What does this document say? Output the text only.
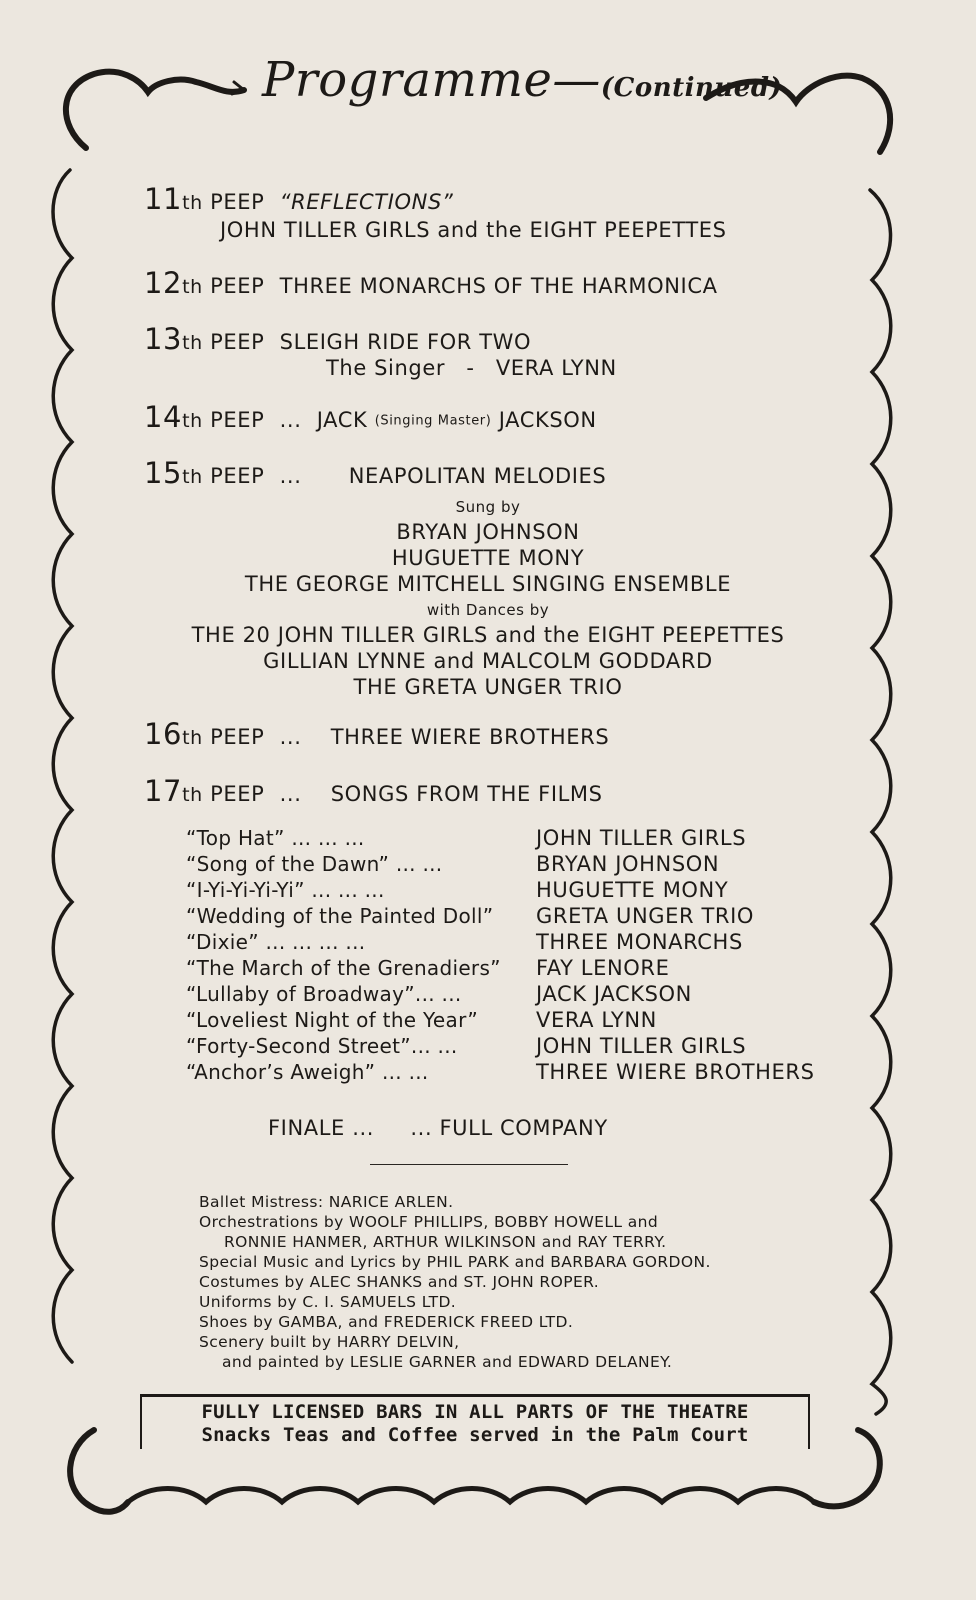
Programme—(Continued)
11th PEEP “REFLECTIONS”
JOHN TILLER GIRLS and the EIGHT PEEPETTES
12th PEEP THREE MONARCHS OF THE HARMONICA
13th PEEP SLEIGH RIDE FOR TWO
The Singer - VERA LYNN
14th PEEP ... JACK (Singing Master) JACKSON
15th PEEP ... NEAPOLITAN MELODIES
Sung by
BRYAN JOHNSON
HUGUETTE MONY
THE GEORGE MITCHELL SINGING ENSEMBLE
with Dances by
THE 20 JOHN TILLER GIRLS and the EIGHT PEEPETTES
GILLIAN LYNNE and MALCOLM GODDARD
THE GRETA UNGER TRIO
16th PEEP ... THREE WIERE BROTHERS
17th PEEP ... SONGS FROM THE FILMS
“Top Hat” ... ... ...	JOHN TILLER GIRLS
“Song of the Dawn” ... ...	BRYAN JOHNSON
“I-Yi-Yi-Yi-Yi” ... ... ...	HUGUETTE MONY
“Wedding of the Painted Doll” GRETA UNGER TRIO
“Dixie” ... ... ... ...	THREE MONARCHS
“The March of the Grenadiers” FAY LENORE
“Lullaby of Broadway”... ...	JACK JACKSON
“Loveliest Night of the Year”	VERA LYNN
“Forty-Second Street”... ...	JOHN TILLER GIRLS
“Anchor’s Aweigh” ... ...	THREE WIERE BROTHERS
FINALE ...     ... FULL COMPANY
Ballet Mistress: NARICE ARLEN.
Orchestrations by WOOLF PHILLIPS, BOBBY HOWELL and
RONNIE HANMER, ARTHUR WILKINSON and RAY TERRY.
Special Music and Lyrics by PHIL PARK and BARBARA GORDON.
Costumes by ALEC SHANKS and ST. JOHN ROPER.
Uniforms by C. I. SAMUELS LTD.
Shoes by GAMBA, and FREDERICK FREED LTD.
Scenery built by HARRY DELVIN,
and painted by LESLIE GARNER and EDWARD DELANEY.
FULLY LICENSED BARS IN ALL PARTS OF THE THEATRE
Snacks Teas and Coffee served in the Palm Court
